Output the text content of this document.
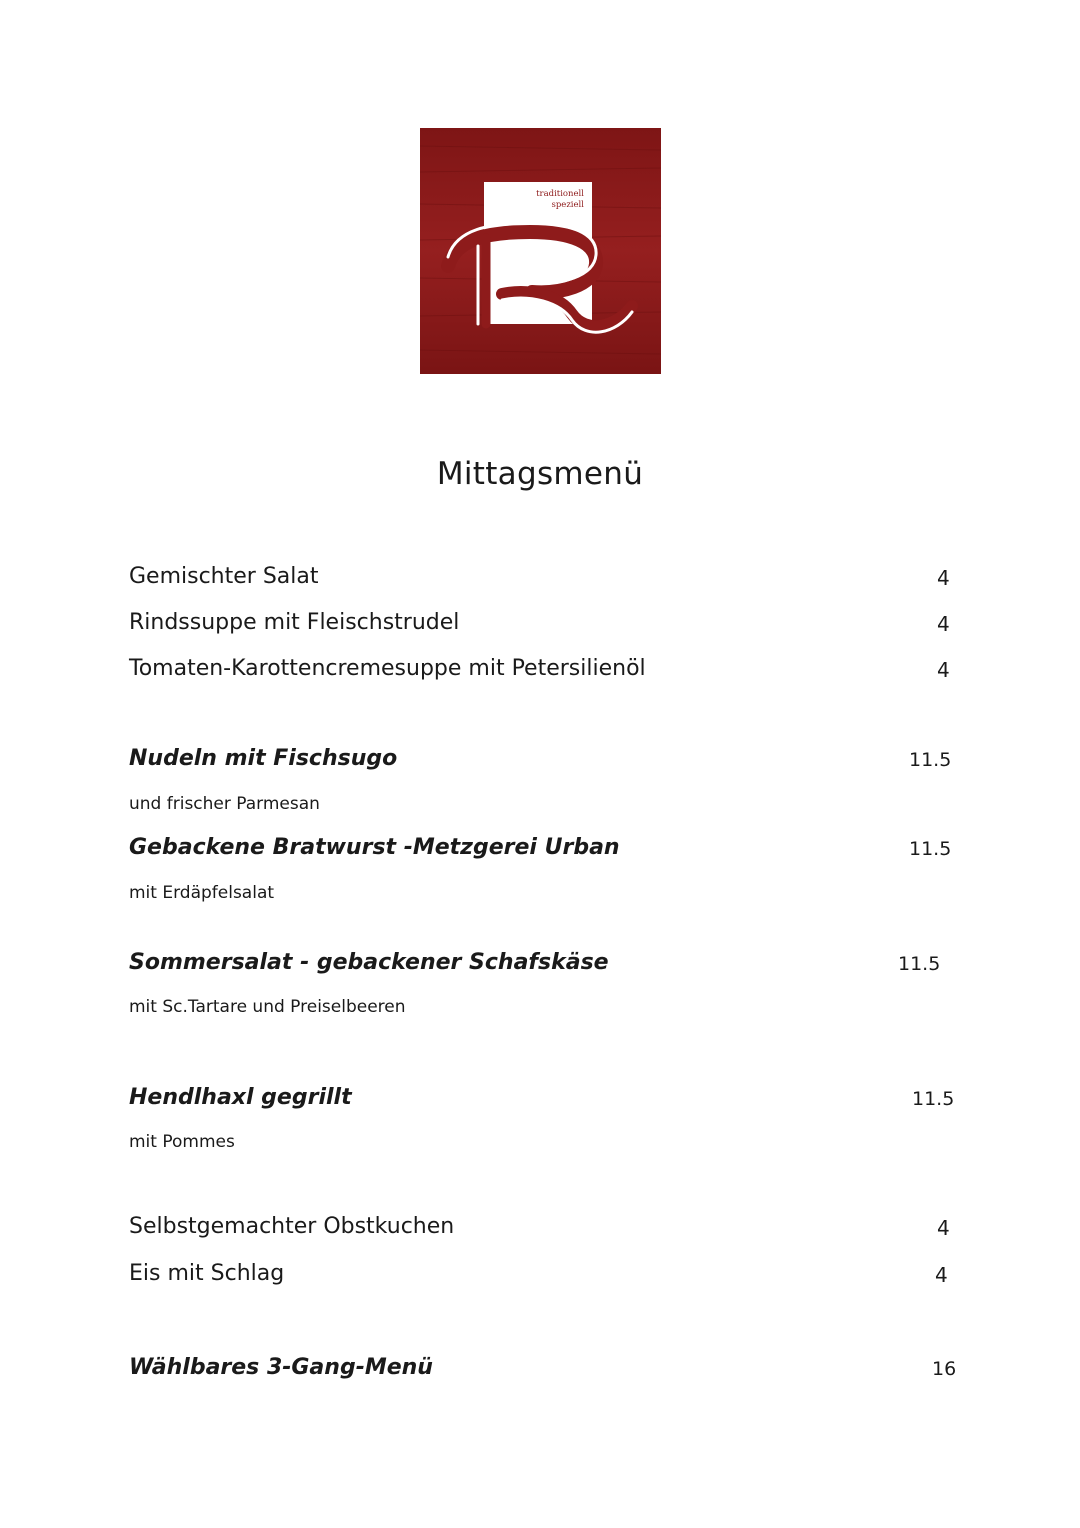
traditionell
speziell
Mittagsmenü
Gemischter Salat	4
Rindssuppe mit Fleischstrudel	4
Tomaten-Karottencremesuppe mit Petersilienöl	4
Nudeln mit Fischsugo	11.5
und frischer Parmesan
Gebackene Bratwurst -Metzgerei Urban	11.5
mit Erdäpfelsalat
Sommersalat - gebackener Schafskäse	11.5
mit Sc.Tartare und Preiselbeeren
Hendlhaxl gegrillt	11.5
mit Pommes
Selbstgemachter Obstkuchen	4
Eis mit Schlag	4
Wählbares 3-Gang-Menü	16
